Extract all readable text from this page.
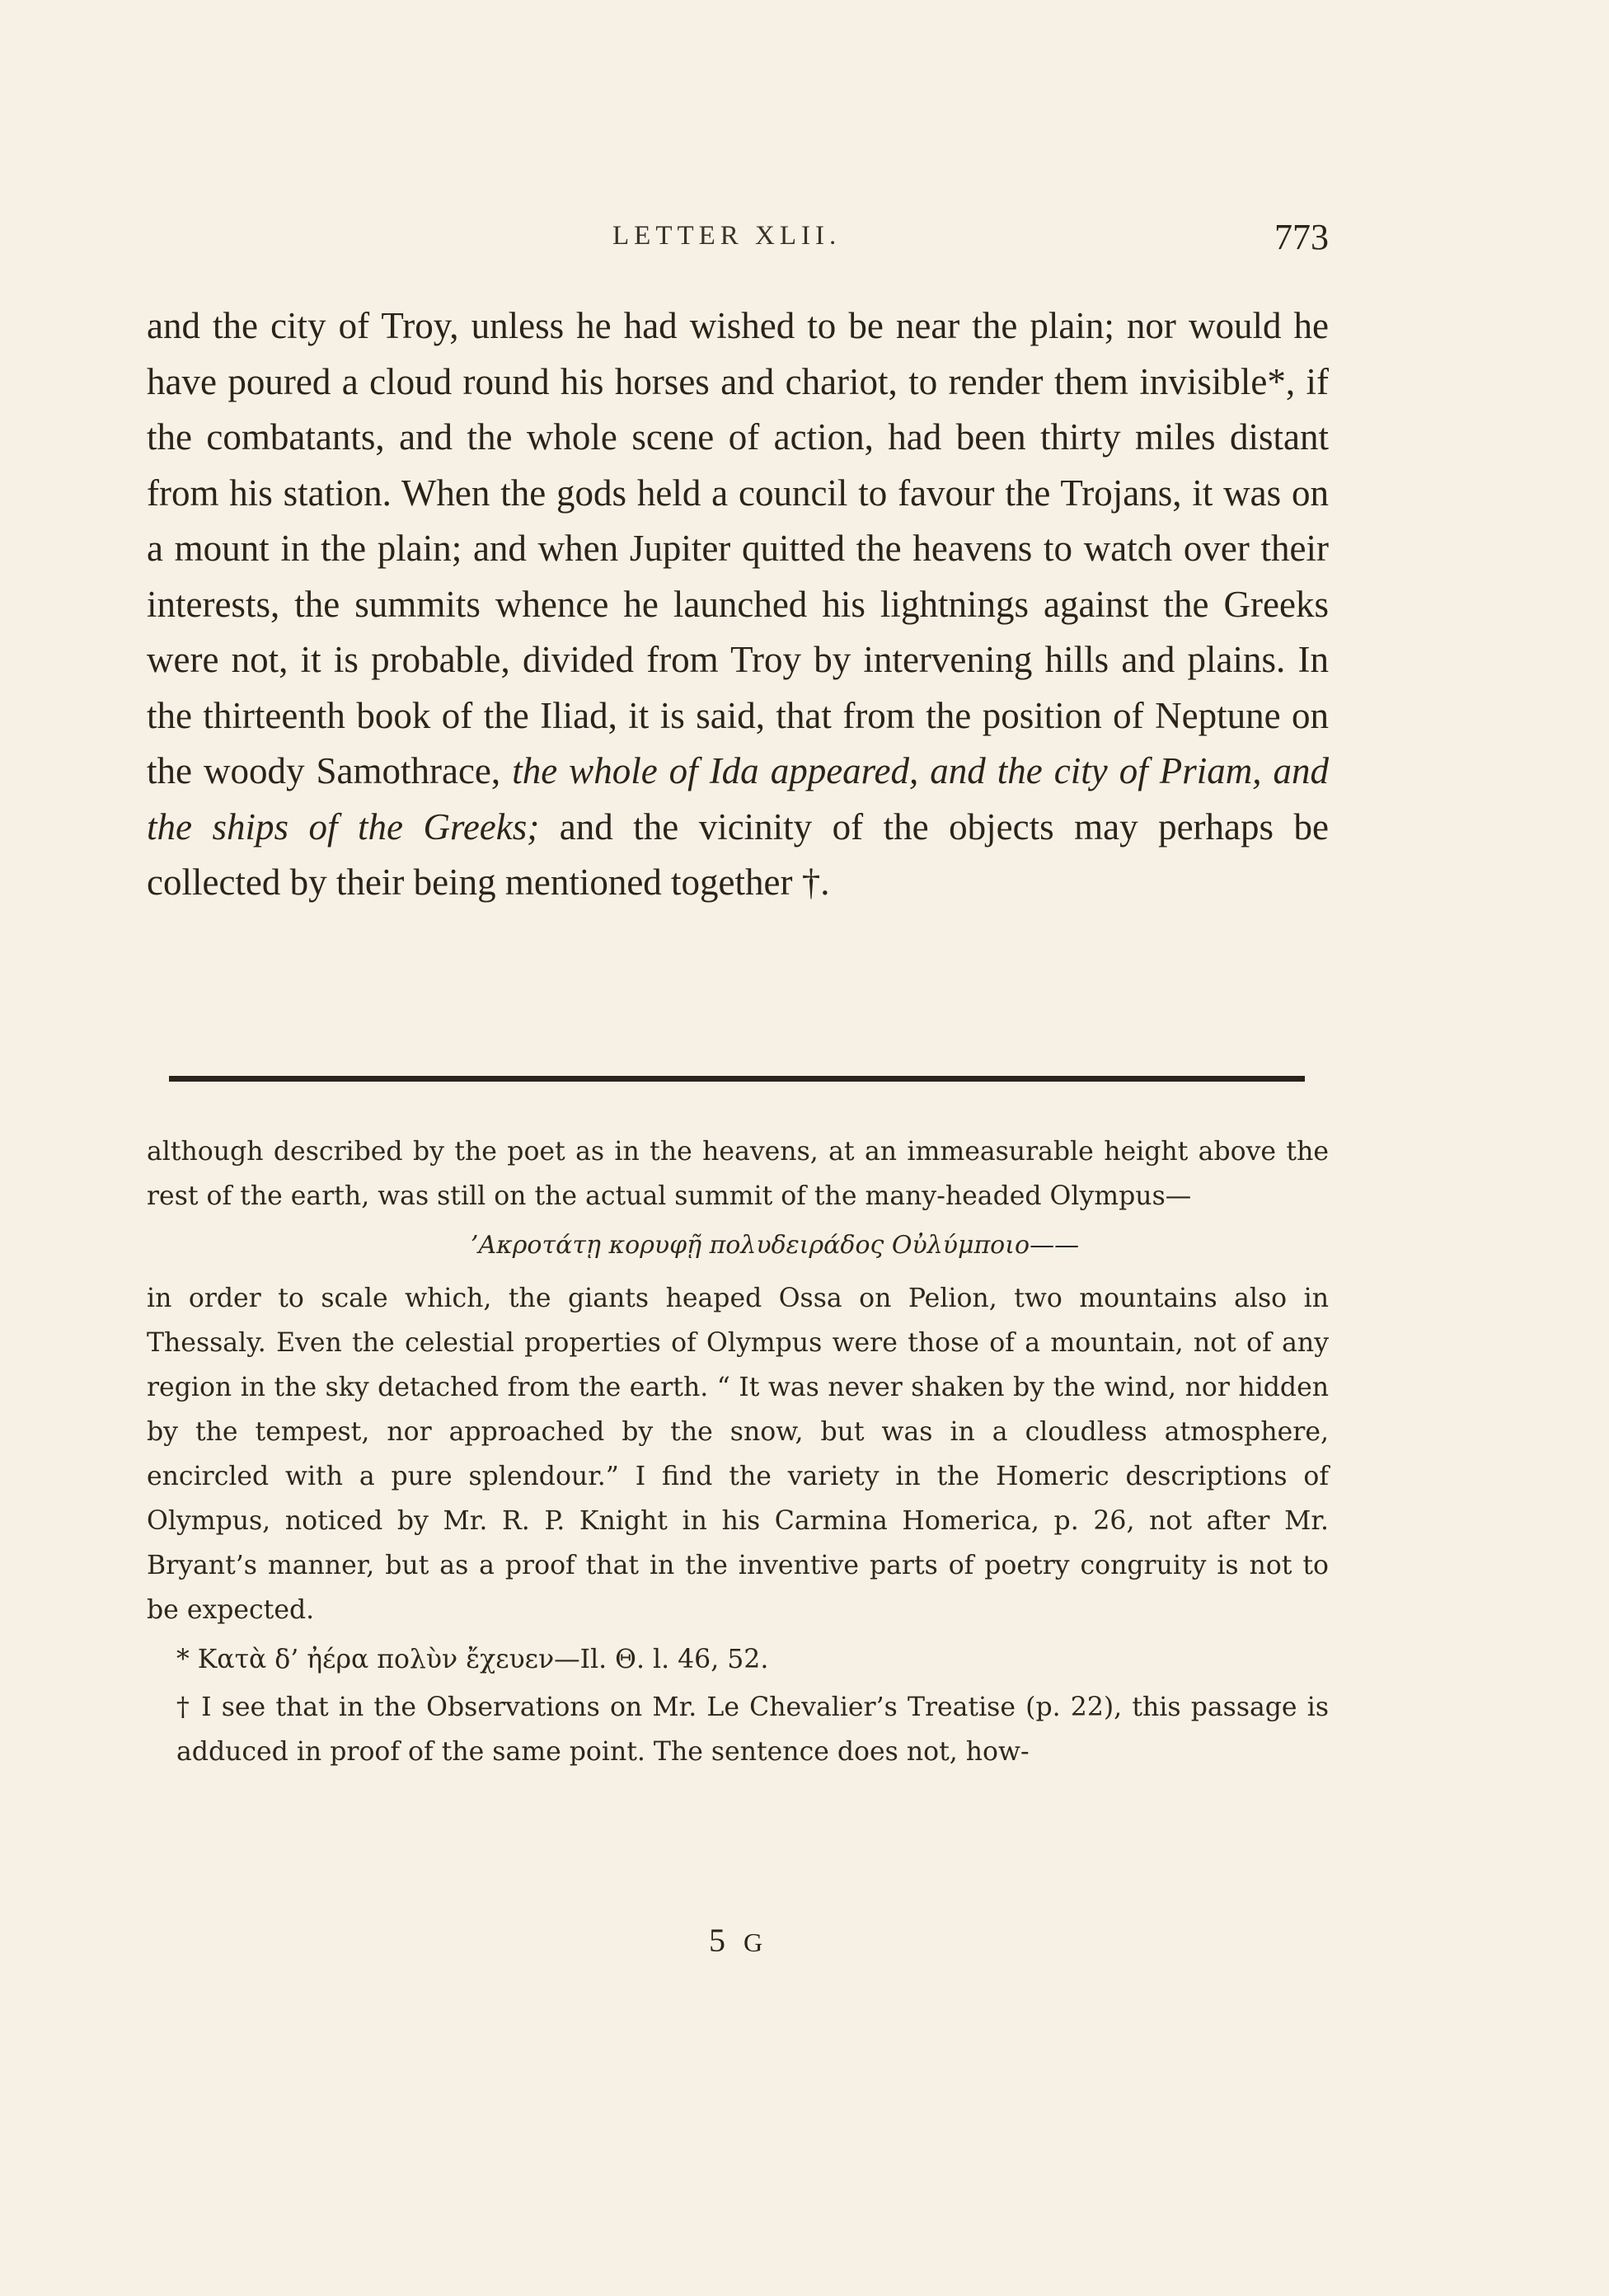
LETTER XLII.	773

and the city of Troy, unless he had wished to be near the plain; nor would he have poured a cloud round his horses and chariot, to render them invisible*, if the combatants, and the whole scene of action, had been thirty miles distant from his station. When the gods held a council to favour the Trojans, it was on a mount in the plain; and when Jupiter quitted the heavens to watch over their interests, the summits whence he launched his lightnings against the Greeks were not, it is probable, divided from Troy by intervening hills and plains. In the thirteenth book of the Iliad, it is said, that from the position of Neptune on the woody Samothrace, the whole of Ida appeared, and the city of Priam, and the ships of the Greeks; and the vicinity of the objects may perhaps be collected by their being mentioned together †.

although described by the poet as in the heavens, at an immeasurable height above the rest of the earth, was still on the actual summit of the many-headed Olympus—

’Ακροτάτῃ κορυφῇ πολυδειράδος Οὐλύμποιο——

in order to scale which, the giants heaped Ossa on Pelion, two mountains also in Thessaly. Even the celestial properties of Olympus were those of a mountain, not of any region in the sky detached from the earth. “ It was never shaken by the wind, nor hidden by the tempest, nor approached by the snow, but was in a cloudless atmosphere, encircled with a pure splendour.” I find the variety in the Homeric descriptions of Olympus, noticed by Mr. R. P. Knight in his Carmina Homerica, p. 26, not after Mr. Bryant’s manner, but as a proof that in the inventive parts of poetry congruity is not to be expected.

* Κατὰ δ’ ἠέρα πολὺν ἔχευεν—Il. Θ. l. 46, 52.

† I see that in the Observations on Mr. Le Chevalier’s Treatise (p. 22), this passage is adduced in proof of the same point. The sentence does not, how-

5 G
